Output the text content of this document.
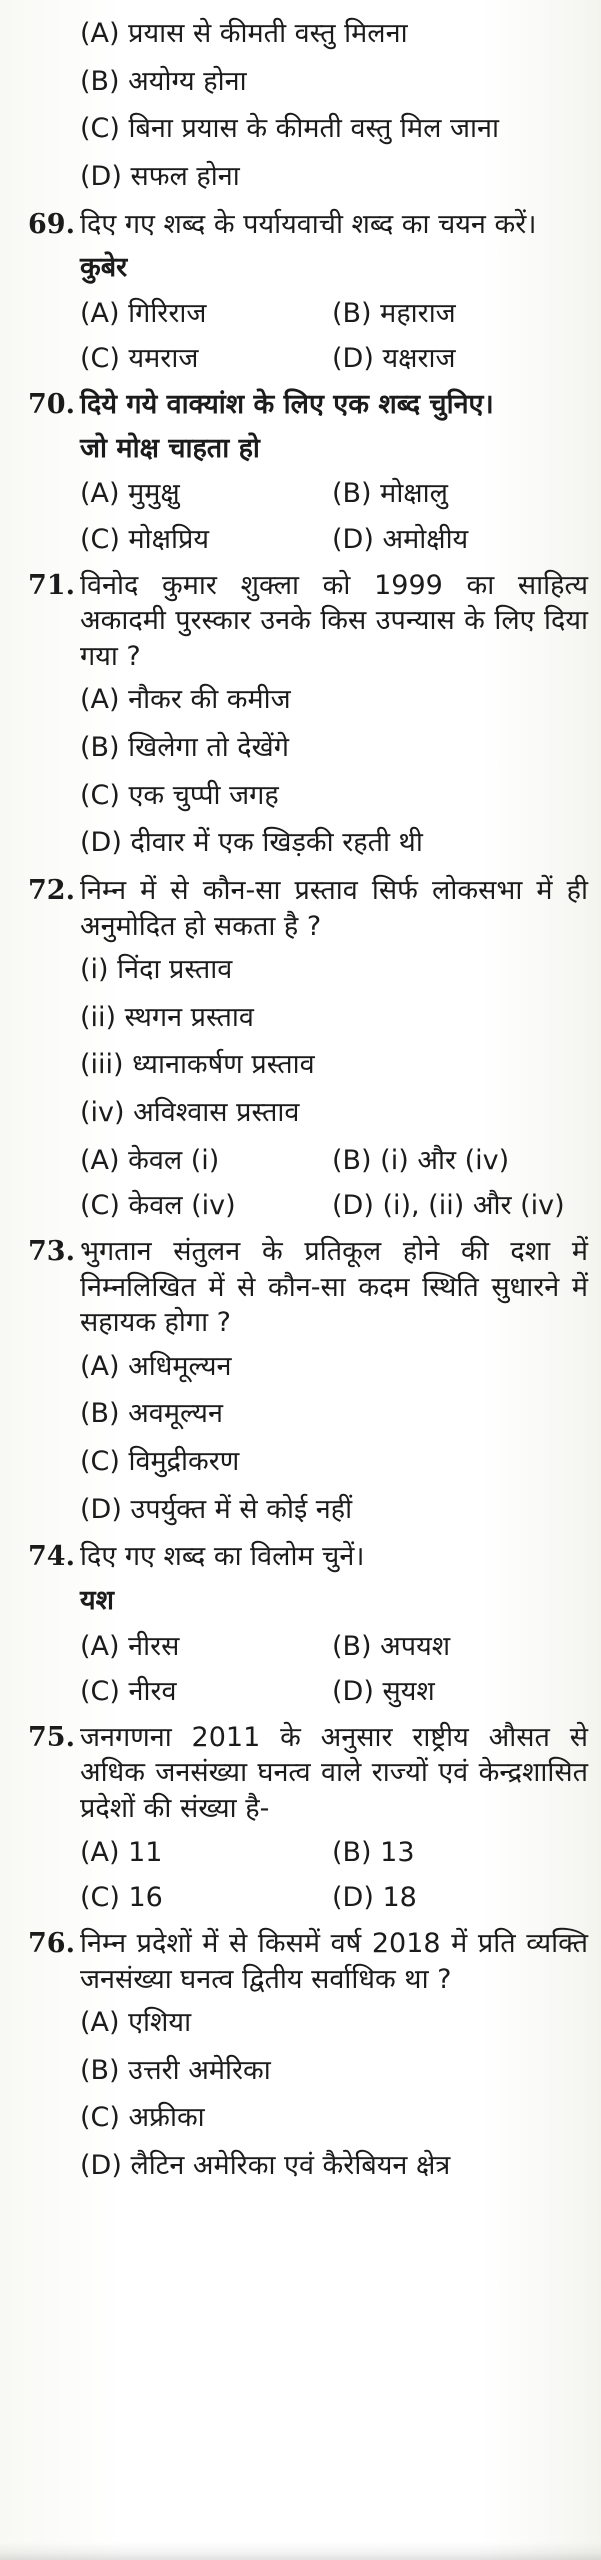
(A) प्रयास से कीमती वस्तु मिलना
(B) अयोग्य होना
(C) बिना प्रयास के कीमती वस्तु मिल जाना
(D) सफल होना
69. दिए गए शब्द के पर्यायवाची शब्द का चयन करें।
कुबेर
(A) गिरिराज	(B) महाराज
(C) यमराज	(D) यक्षराज
70. दिये गये वाक्यांश के लिए एक शब्द चुनिए।
जो मोक्ष चाहता हो
(A) मुमुक्षु	(B) मोक्षालु
(C) मोक्षप्रिय	(D) अमोक्षीय
71. विनोद कुमार शुक्ला को 1999 का साहित्य अकादमी पुरस्कार उनके किस उपन्यास के लिए दिया गया ?
(A) नौकर की कमीज
(B) खिलेगा तो देखेंगे
(C) एक चुप्पी जगह
(D) दीवार में एक खिड़की रहती थी
72. निम्न में से कौन-सा प्रस्ताव सिर्फ लोकसभा में ही अनुमोदित हो सकता है ?
(i) निंदा प्रस्ताव
(ii) स्थगन प्रस्ताव
(iii) ध्यानाकर्षण प्रस्ताव
(iv) अविश्वास प्रस्ताव
(A) केवल (i)	(B) (i) और (iv)
(C) केवल (iv)	(D) (i), (ii) और (iv)
73. भुगतान संतुलन के प्रतिकूल होने की दशा में निम्नलिखित में से कौन-सा कदम स्थिति सुधारने में सहायक होगा ?
(A) अधिमूल्यन
(B) अवमूल्यन
(C) विमुद्रीकरण
(D) उपर्युक्त में से कोई नहीं
74. दिए गए शब्द का विलोम चुनें।
यश
(A) नीरस	(B) अपयश
(C) नीरव	(D) सुयश
75. जनगणना 2011 के अनुसार राष्ट्रीय औसत से अधिक जनसंख्या घनत्व वाले राज्यों एवं केन्द्रशासित प्रदेशों की संख्या है-
(A) 11	(B) 13
(C) 16	(D) 18
76. निम्न प्रदेशों में से किसमें वर्ष 2018 में प्रति व्यक्ति जनसंख्या घनत्व द्वितीय सर्वाधिक था ?
(A) एशिया
(B) उत्तरी अमेरिका
(C) अफ्रीका
(D) लैटिन अमेरिका एवं कैरेबियन क्षेत्र
